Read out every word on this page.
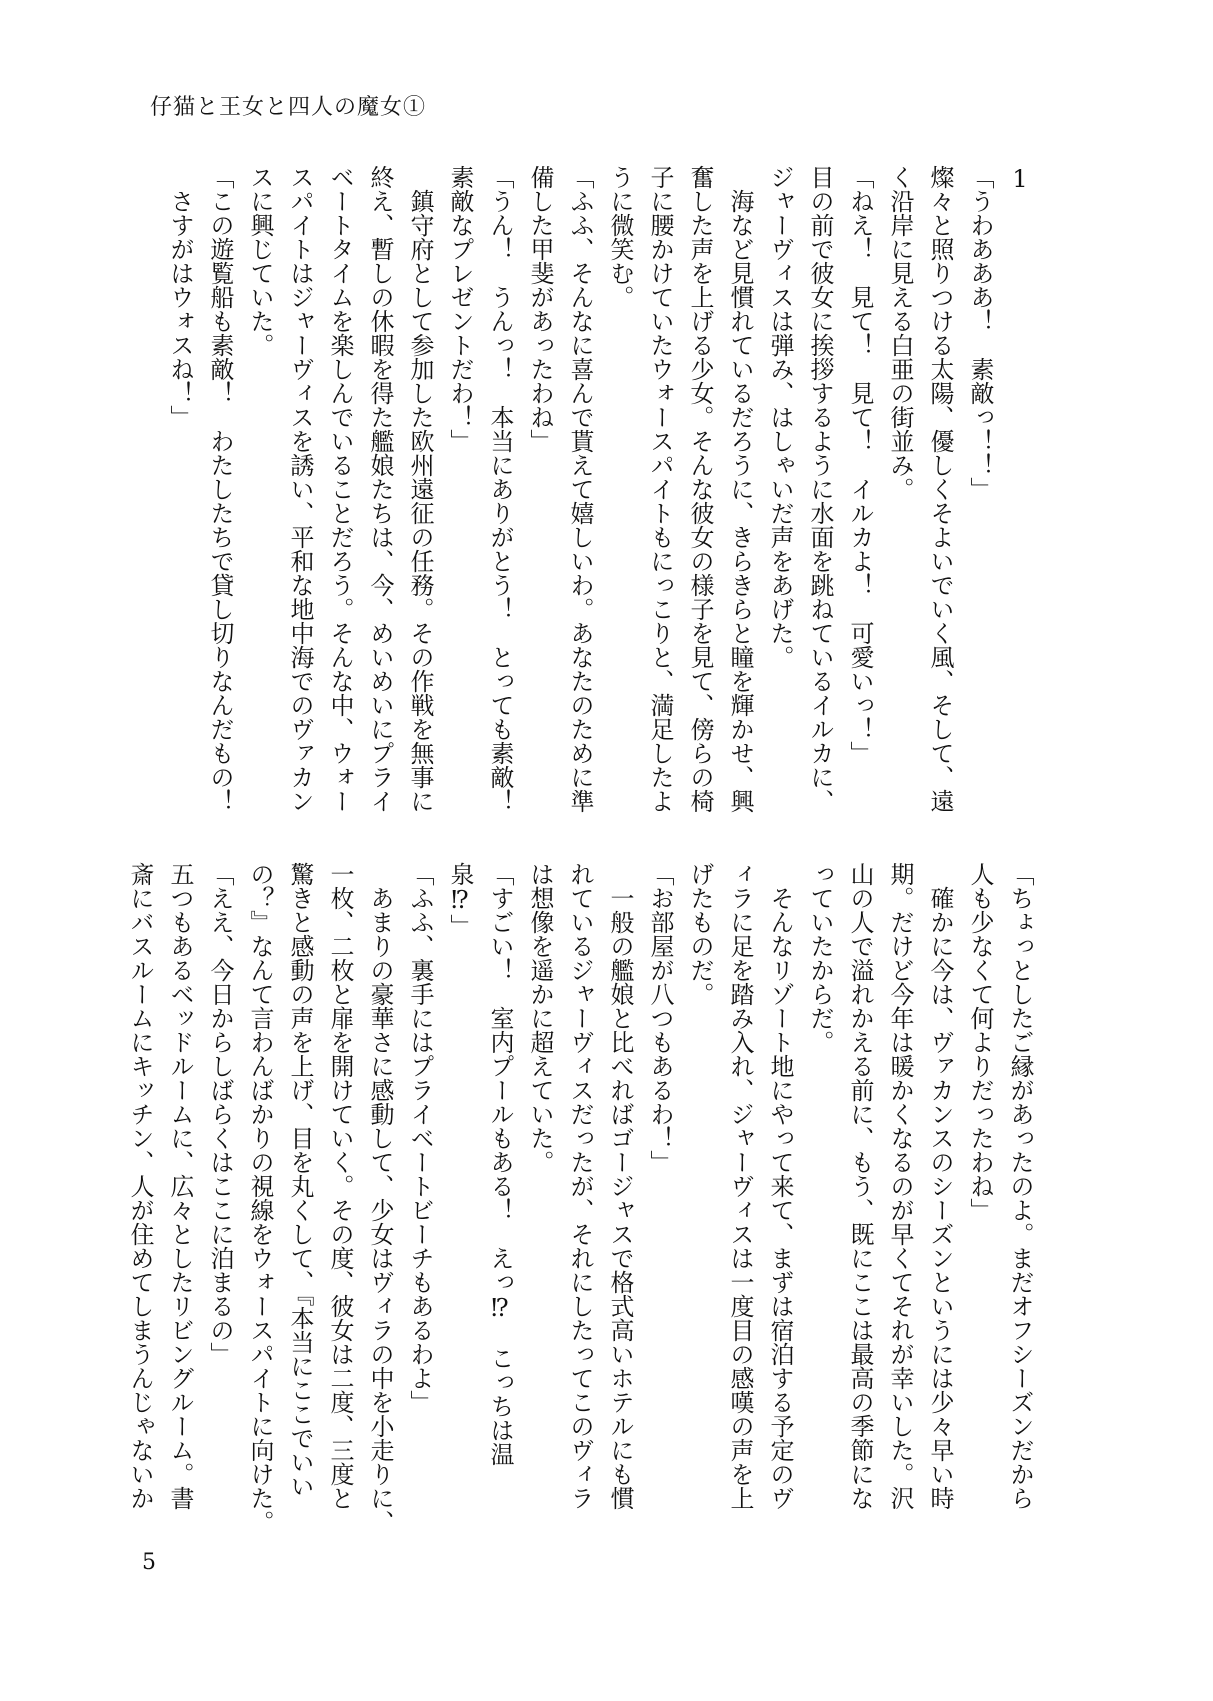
仔猫と王女と四人の魔女①
1
「うわあああ！　素敵っ！！」
燦々と照りつける太陽、優しくそよいでいく風、そして、遠
く沿岸に見える白亜の街並み。
「ねえ！　見て！　見て！　イルカよ！　可愛いっ！」
目の前で彼女に挨拶するように水面を跳ねているイルカに、
ジャーヴィスは弾み、はしゃいだ声をあげた。
　海など見慣れているだろうに、きらきらと瞳を輝かせ、興
奮した声を上げる少女。そんな彼女の様子を見て、傍らの椅
子に腰かけていたウォースパイトもにっこりと、満足したよ
うに微笑む。
「ふふ、そんなに喜んで貰えて嬉しいわ。あなたのために準
備した甲斐があったわね」
「うん！　うんっ！　本当にありがとう！　とっても素敵！
素敵なプレゼントだわ！」
　鎮守府として参加した欧州遠征の任務。その作戦を無事に
終え、暫しの休暇を得た艦娘たちは、今、めいめいにプライ
ベートタイムを楽しんでいることだろう。そんな中、ウォー
スパイトはジャーヴィスを誘い、平和な地中海でのヴァカン
スに興じていた。
「この遊覧船も素敵！　わたしたちで貸し切りなんだもの！
　さすがはウォスね！」
「ちょっとしたご縁があったのよ。まだオフシーズンだから
人も少なくて何よりだったわね」
　確かに今は、ヴァカンスのシーズンというには少々早い時
期。だけど今年は暖かくなるのが早くてそれが幸いした。沢
山の人で溢れかえる前に、もう、既にここは最高の季節にな
っていたからだ。
　そんなリゾート地にやって来て、まずは宿泊する予定のヴ
ィラに足を踏み入れ、ジャーヴィスは一度目の感嘆の声を上
げたものだ。
「お部屋が八つもあるわ！」
　一般の艦娘と比べればゴージャスで格式高いホテルにも慣
れているジャーヴィスだったが、それにしたってこのヴィラ
は想像を遥かに超えていた。
「すごい！　室内プールもある！　えっ⁉　こっちは温
泉⁉」
「ふふ、裏手にはプライベートビーチもあるわよ」
　あまりの豪華さに感動して、少女はヴィラの中を小走りに、
一枚、二枚と扉を開けていく。その度、彼女は二度、三度と
驚きと感動の声を上げ、目を丸くして、『本当にここでいい
の？』なんて言わんばかりの視線をウォースパイトに向けた。
「ええ、今日からしばらくはここに泊まるの」
五つもあるベッドルームに、広々としたリビングルーム。書
斎にバスルームにキッチン、人が住めてしまうんじゃないか
5
